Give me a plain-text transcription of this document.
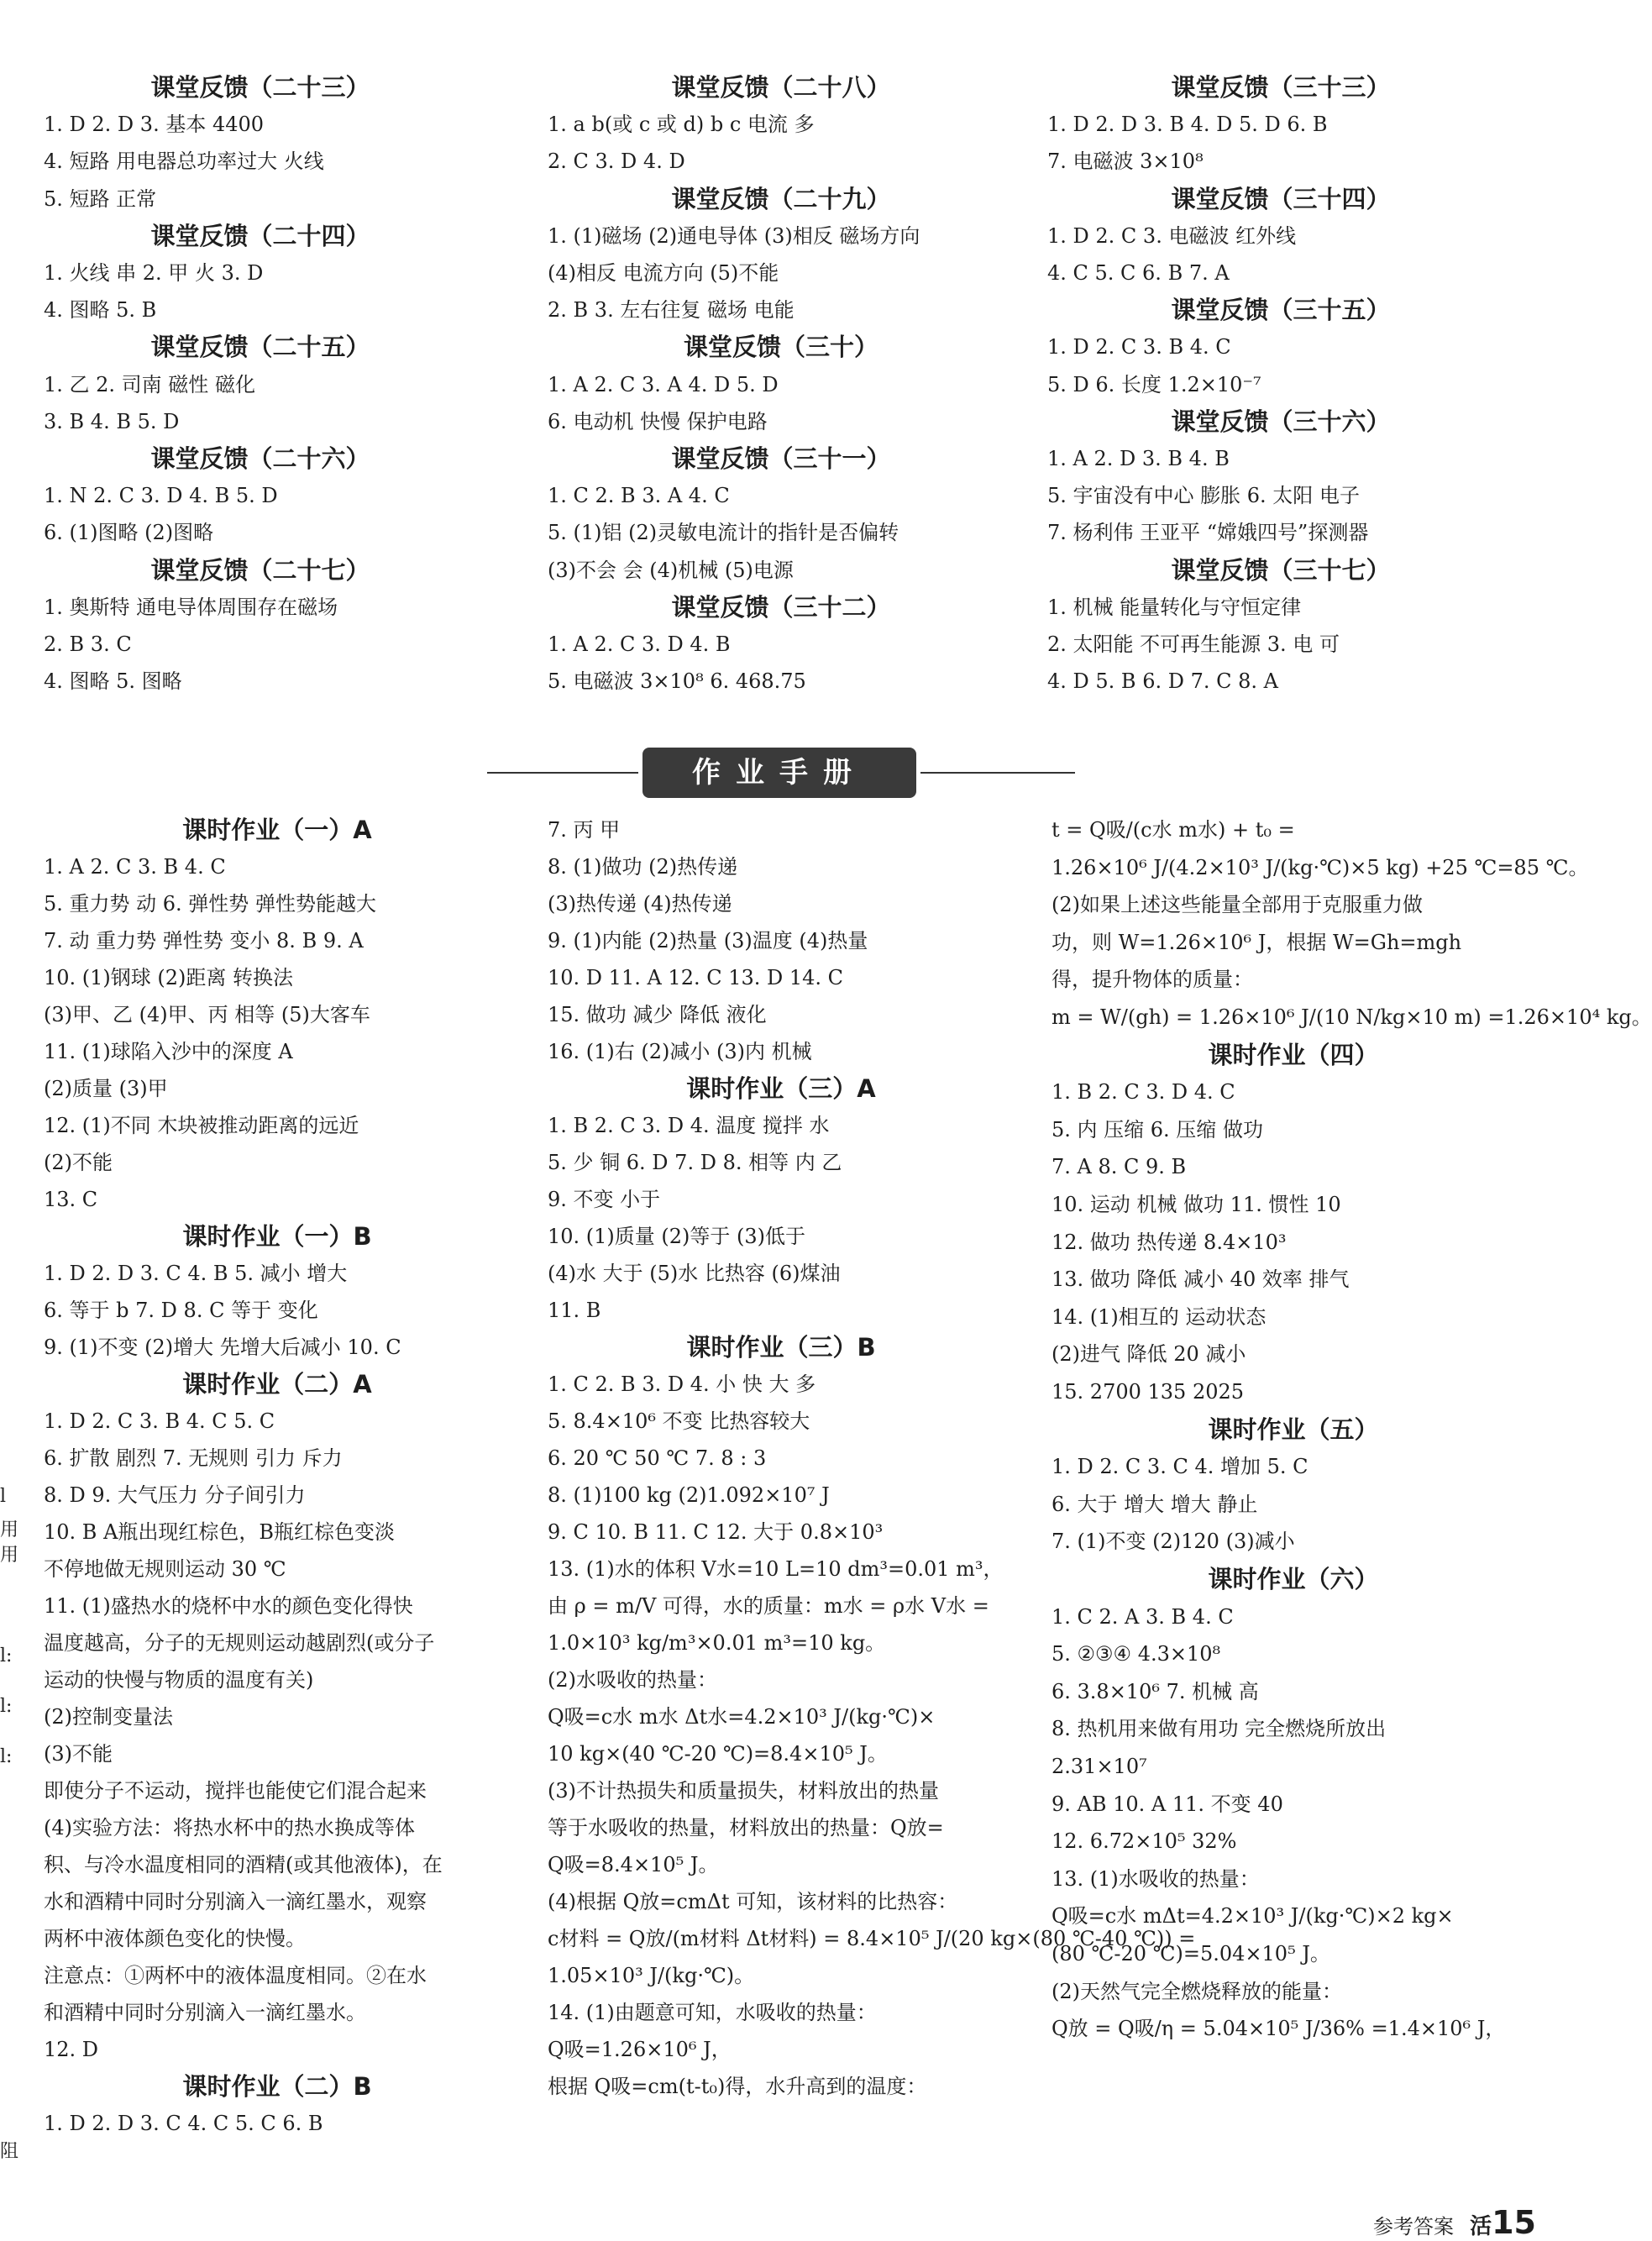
作业手册
参考答案 活15
课堂反馈（二十三）
1. D 2. D 3. 基本 4400
4. 短路 用电器总功率过大 火线
5. 短路 正常
课堂反馈（二十四）
1. 火线 串 2. 甲 火 3. D
4. 图略 5. B
课堂反馈（二十五）
1. 乙 2. 司南 磁性 磁化
3. B 4. B 5. D
课堂反馈（二十六）
1. N 2. C 3. D 4. B 5. D
6. (1)图略 (2)图略
课堂反馈（二十七）
1. 奥斯特 通电导体周围存在磁场
2. B 3. C
4. 图略 5. 图略
课堂反馈（二十八）
1. a b(或 c 或 d) b c 电流 多
2. C 3. D 4. D
课堂反馈（二十九）
1. (1)磁场 (2)通电导体 (3)相反 磁场方向
(4)相反 电流方向 (5)不能
2. B 3. 左右往复 磁场 电能
课堂反馈（三十）
1. A 2. C 3. A 4. D 5. D
6. 电动机 快慢 保护电路
课堂反馈（三十一）
1. C 2. B 3. A 4. C
5. (1)铝 (2)灵敏电流计的指针是否偏转
(3)不会 会 (4)机械 (5)电源
课堂反馈（三十二）
1. A 2. C 3. D 4. B
5. 电磁波 3×10⁸ 6. 468.75
课堂反馈（三十三）
1. D 2. D 3. B 4. D 5. D 6. B
7. 电磁波 3×10⁸
课堂反馈（三十四）
1. D 2. C 3. 电磁波 红外线
4. C 5. C 6. B 7. A
课堂反馈（三十五）
1. D 2. C 3. B 4. C
5. D 6. 长度 1.2×10⁻⁷
课堂反馈（三十六）
1. A 2. D 3. B 4. B
5. 宇宙没有中心 膨胀 6. 太阳 电子
7. 杨利伟 王亚平 “嫦娥四号”探测器
课堂反馈（三十七）
1. 机械 能量转化与守恒定律
2. 太阳能 不可再生能源 3. 电 可
4. D 5. B 6. D 7. C 8. A
课时作业（一）A
1. A 2. C 3. B 4. C
5. 重力势 动 6. 弹性势 弹性势能越大
7. 动 重力势 弹性势 变小 8. B 9. A
10. (1)钢球 (2)距离 转换法
(3)甲、乙 (4)甲、丙 相等 (5)大客车
11. (1)球陷入沙中的深度 A
(2)质量 (3)甲
12. (1)不同 木块被推动距离的远近
(2)不能
13. C
课时作业（一）B
1. D 2. D 3. C 4. B 5. 减小 增大
6. 等于 b 7. D 8. C 等于 变化
9. (1)不变 (2)增大 先增大后减小 10. C
课时作业（二）A
1. D 2. C 3. B 4. C 5. C
6. 扩散 剧烈 7. 无规则 引力 斥力
8. D 9. 大气压力 分子间引力
10. B A瓶出现红棕色，B瓶红棕色变淡
不停地做无规则运动 30 ℃
11. (1)盛热水的烧杯中水的颜色变化得快
温度越高，分子的无规则运动越剧烈(或分子
运动的快慢与物质的温度有关)
(2)控制变量法
(3)不能
即使分子不运动，搅拌也能使它们混合起来
(4)实验方法：将热水杯中的热水换成等体
积、与冷水温度相同的酒精(或其他液体)，在
水和酒精中同时分别滴入一滴红墨水，观察
两杯中液体颜色变化的快慢。
注意点：①两杯中的液体温度相同。②在水
和酒精中同时分别滴入一滴红墨水。
12. D
课时作业（二）B
1. D 2. D 3. C 4. C 5. C 6. B
7. 丙 甲
8. (1)做功 (2)热传递
(3)热传递 (4)热传递
9. (1)内能 (2)热量 (3)温度 (4)热量
10. D 11. A 12. C 13. D 14. C
15. 做功 减少 降低 液化
16. (1)右 (2)减小 (3)内 机械
课时作业（三）A
1. B 2. C 3. D 4. 温度 搅拌 水
5. 少 铜 6. D 7. D 8. 相等 内 乙
9. 不变 小于
10. (1)质量 (2)等于 (3)低于
(4)水 大于 (5)水 比热容 (6)煤油
11. B
课时作业（三）B
1. C 2. B 3. D 4. 小 快 大 多
5. 8.4×10⁶ 不变 比热容较大
6. 20 ℃ 50 ℃ 7. 8 : 3
8. (1)100 kg (2)1.092×10⁷ J
9. C 10. B 11. C 12. 大于 0.8×10³
13. (1)水的体积 V水=10 L=10 dm³=0.01 m³，
由 ρ = m/V 可得，水的质量：m水 = ρ水 V水 =
1.0×10³ kg/m³×0.01 m³=10 kg。
(2)水吸收的热量：
Q吸=c水 m水 Δt水=4.2×10³ J/(kg·℃)×
10 kg×(40 ℃-20 ℃)=8.4×10⁵ J。
(3)不计热损失和质量损失，材料放出的热量
等于水吸收的热量，材料放出的热量：Q放=
Q吸=8.4×10⁵ J。
(4)根据 Q放=cmΔt 可知，该材料的比热容：
c材料 = Q放/(m材料 Δt材料) = 8.4×10⁵ J/(20 kg×(80 ℃-40 ℃)) =
1.05×10³ J/(kg·℃)。
14. (1)由题意可知，水吸收的热量：
Q吸=1.26×10⁶ J，
根据 Q吸=cm(t-t₀)得，水升高到的温度：
t = Q吸/(c水 m水) + t₀ =
1.26×10⁶ J/(4.2×10³ J/(kg·℃)×5 kg) +25 ℃=85 ℃。
(2)如果上述这些能量全部用于克服重力做
功，则 W=1.26×10⁶ J，根据 W=Gh=mgh
得，提升物体的质量：
m = W/(gh) = 1.26×10⁶ J/(10 N/kg×10 m) =1.26×10⁴ kg。
课时作业（四）
1. B 2. C 3. D 4. C
5. 内 压缩 6. 压缩 做功
7. A 8. C 9. B
10. 运动 机械 做功 11. 惯性 10
12. 做功 热传递 8.4×10³
13. 做功 降低 减小 40 效率 排气
14. (1)相互的 运动状态
(2)进气 降低 20 减小
15. 2700 135 2025
课时作业（五）
1. D 2. C 3. C 4. 增加 5. C
6. 大于 增大 增大 静止
7. (1)不变 (2)120 (3)减小
课时作业（六）
1. C 2. A 3. B 4. C
5. ②③④ 4.3×10⁸
6. 3.8×10⁶ 7. 机械 高
8. 热机用来做有用功 完全燃烧所放出
2.31×10⁷
9. AB 10. A 11. 不变 40
12. 6.72×10⁵ 32%
13. (1)水吸收的热量：
Q吸=c水 mΔt=4.2×10³ J/(kg·℃)×2 kg×
(80 ℃-20 ℃)=5.04×10⁵ J。
(2)天然气完全燃烧释放的能量：
Q放 = Q吸/η = 5.04×10⁵ J/36% =1.4×10⁶ J，
l
用
用
l:
l:
l:
阻
